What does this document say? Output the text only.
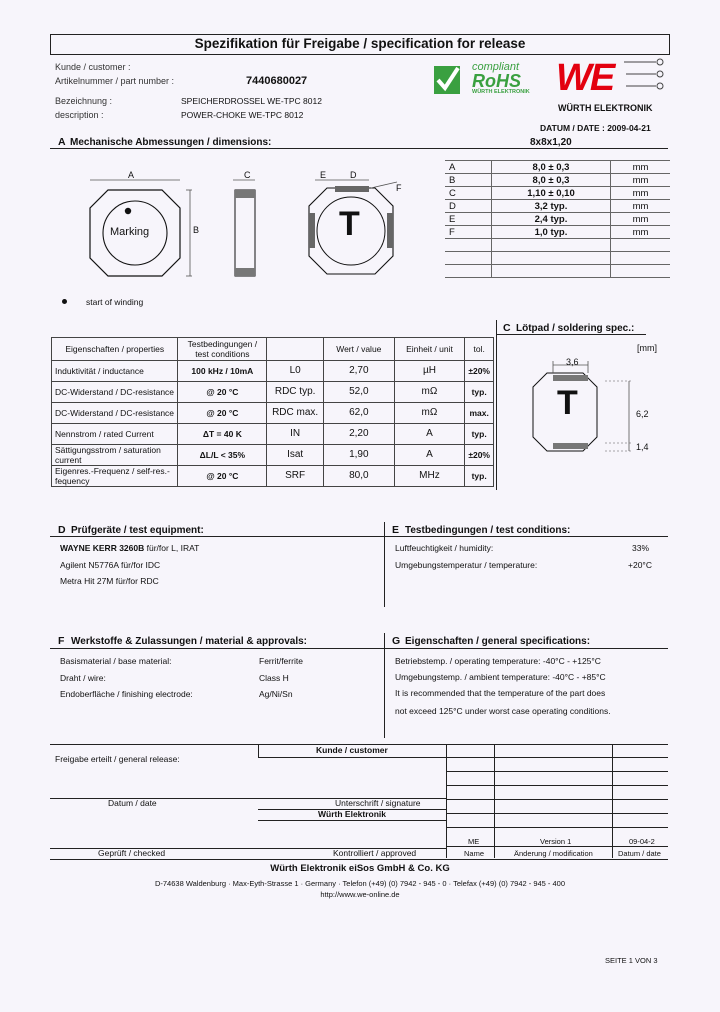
Spezifikation für Freigabe / specification for release
Kunde / customer :
Artikelnummer / part number :	7440680027
Bezeichnung :	SPEICHERDROSSEL WE-TPC 8012
description :	POWER-CHOKE WE-TPC 8012
DATUM / DATE : 2009-04-21
compliant
RoHS
WÜRTH ELEKTRONIK WE
WÜRTH ELEKTRONIK
A Mechanische Abmessungen / dimensions:	8x8x1,20
A
B
Marking
C
T
E	D
F
start of winding
A	8,0 ± 0,3	mm
B	8,0 ± 0,3	mm
C	1,10 ± 0,10	mm
D	3,2 typ.	mm
E	2,4 typ.	mm
F	1,0 typ.	mm

Eigenschaften / properties	Testbedingungen / test conditions		Wert / value	Einheit / unit	tol.
Induktivität / inductance	100 kHz / 10mA	L0	2,70	µH	±20%
DC-Widerstand / DC-resistance	@ 20 °C	RDC typ.	52,0	mΩ	typ.
DC-Widerstand / DC-resistance	@ 20 °C	RDC max.	62,0	mΩ	max.
Nennstrom / rated Current	ΔT = 40 K	IN	2,20	A	typ.
Sättigungsstrom / saturation current	ΔL/L < 35%	Isat	1,90	A	±20%
Eigenres.-Frequenz / self-res.-fequency	@ 20 °C	SRF	80,0	MHz	typ.
C Lötpad / soldering spec.:
[mm]
T
3,6
6,2
1,4
D Prüfgeräte / test equipment:
WAYNE KERR 3260B für/for L, IRAT
Agilent N5776A für/for IDC
Metra Hit 27M für/for RDC
E Testbedingungen / test conditions:
Luftfeuchtigkeit / humidity:	33%
Umgebungstemperatur / temperature:	+20°C
F Werkstoffe & Zulassungen / material & approvals:
Basismaterial / base material:	Ferrit/ferrite
Draht / wire:	Class H
Endoberfläche / finishing electrode:	Ag/Ni/Sn
G Eigenschaften / general specifications:
Betriebstemp. / operating temperature: -40°C - +125°C
Umgebungstemp. / ambient temperature: -40°C - +85°C
It is recommended that the temperature of the part does
not exceed 125°C under worst case operating conditions.
Freigabe erteilt / general release:
Kunde / customer
Datum / date	Unterschrift / signature
Würth Elektronik
Geprüft / checked	Kontrolliert / approved
ME	Version 1	09-04-2
Name	Änderung / modification	Datum / date
Würth Elektronik eiSos GmbH & Co. KG
D-74638 Waldenburg · Max-Eyth-Strasse 1 · Germany · Telefon (+49) (0) 7942 - 945 - 0 · Telefax (+49) (0) 7942 - 945 - 400
http://www.we-online.de
SEITE 1 VON 3
